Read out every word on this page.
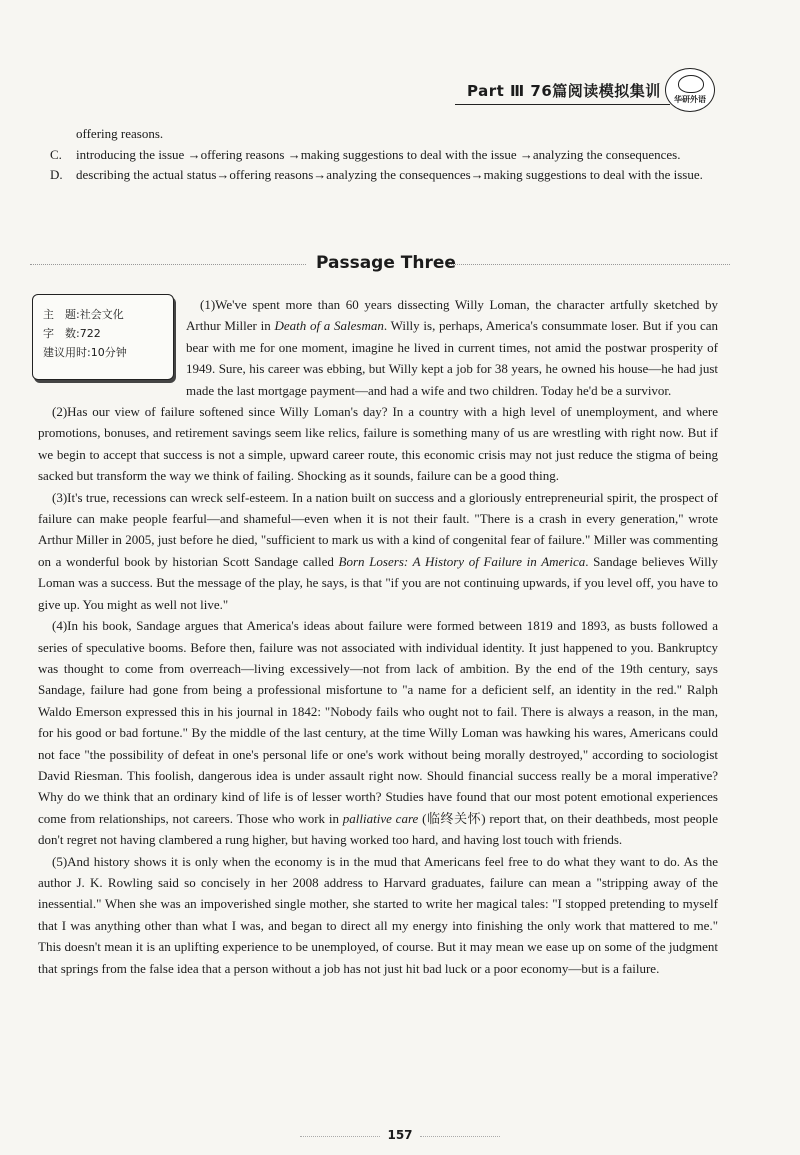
Part Ⅲ 76篇阅读模拟集训 华研外语
offering reasons.
C. introducing the issue →offering reasons →making suggestions to deal with the issue →analyzing the consequences.
D. describing the actual status→offering reasons→analyzing the consequences→making suggestions to deal with the issue.
Passage Three

(1)We've spent more than 60 years dissecting Willy Loman, the character artfully sketched by Arthur Miller in Death of a Salesman. Willy is, perhaps, America's consummate loser. But if you can bear with me for one moment, imagine he lived in current times, not amid the postwar prosperity of 1949. Sure, his career was ebbing, but Willy kept a job for 38 years, he owned his house—he had just made the last mortgage payment—and had a wife and two children. Today he'd be a survivor.

(2)Has our view of failure softened since Willy Loman's day? In a country with a high level of unemployment, and where promotions, bonuses, and retirement savings seem like relics, failure is something many of us are wrestling with right now. But if we begin to accept that success is not a simple, upward career route, this economic crisis may not just reduce the stigma of being sacked but transform the way we think of failing. Shocking as it sounds, failure can be a good thing.

(3)It's true, recessions can wreck self-esteem. In a nation built on success and a gloriously entrepreneurial spirit, the prospect of failure can make people fearful—and shameful—even when it is not their fault. "There is a crash in every generation," wrote Arthur Miller in 2005, just before he died, "sufficient to mark us with a kind of congenital fear of failure." Miller was commenting on a wonderful book by historian Scott Sandage called Born Losers: A History of Failure in America. Sandage believes Willy Loman was a success. But the message of the play, he says, is that "if you are not continuing upwards, if you level off, you have to give up. You might as well not live."

(4)In his book, Sandage argues that America's ideas about failure were formed between 1819 and 1893, as busts followed a series of speculative booms. Before then, failure was not associated with individual identity. It just happened to you. Bankruptcy was thought to come from overreach—living excessively—not from lack of ambition. By the end of the 19th century, says Sandage, failure had gone from being a professional misfortune to "a name for a deficient self, an identity in the red." Ralph Waldo Emerson expressed this in his journal in 1842: "Nobody fails who ought not to fail. There is always a reason, in the man, for his good or bad fortune." By the middle of the last century, at the time Willy Loman was hawking his wares, Americans could not face "the possibility of defeat in one's personal life or one's work without being morally destroyed," according to sociologist David Riesman. This foolish, dangerous idea is under assault right now. Should financial success really be a moral imperative? Why do we think that an ordinary kind of life is of lesser worth? Studies have found that our most potent emotional experiences come from relationships, not careers. Those who work in palliative care (临终关怀) report that, on their deathbeds, most people don't regret not having clambered a rung higher, but having worked too hard, and having lost touch with friends.

(5)And history shows it is only when the economy is in the mud that Americans feel free to do what they want to do. As the author J. K. Rowling said so concisely in her 2008 address to Harvard graduates, failure can mean a "stripping away of the inessential." When she was an impoverished single mother, she started to write her magical tales: "I stopped pretending to myself that I was anything other than what I was, and began to direct all my energy into finishing the only work that mattered to me." This doesn't mean it is an uplifting experience to be unemployed, of course. But it may mean we ease up on some of the judgment that springs from the false idea that a person without a job has not just hit bad luck or a poor economy—but is a failure.

主　题:社会文化
字　数:722
建议用时:10分钟
157
